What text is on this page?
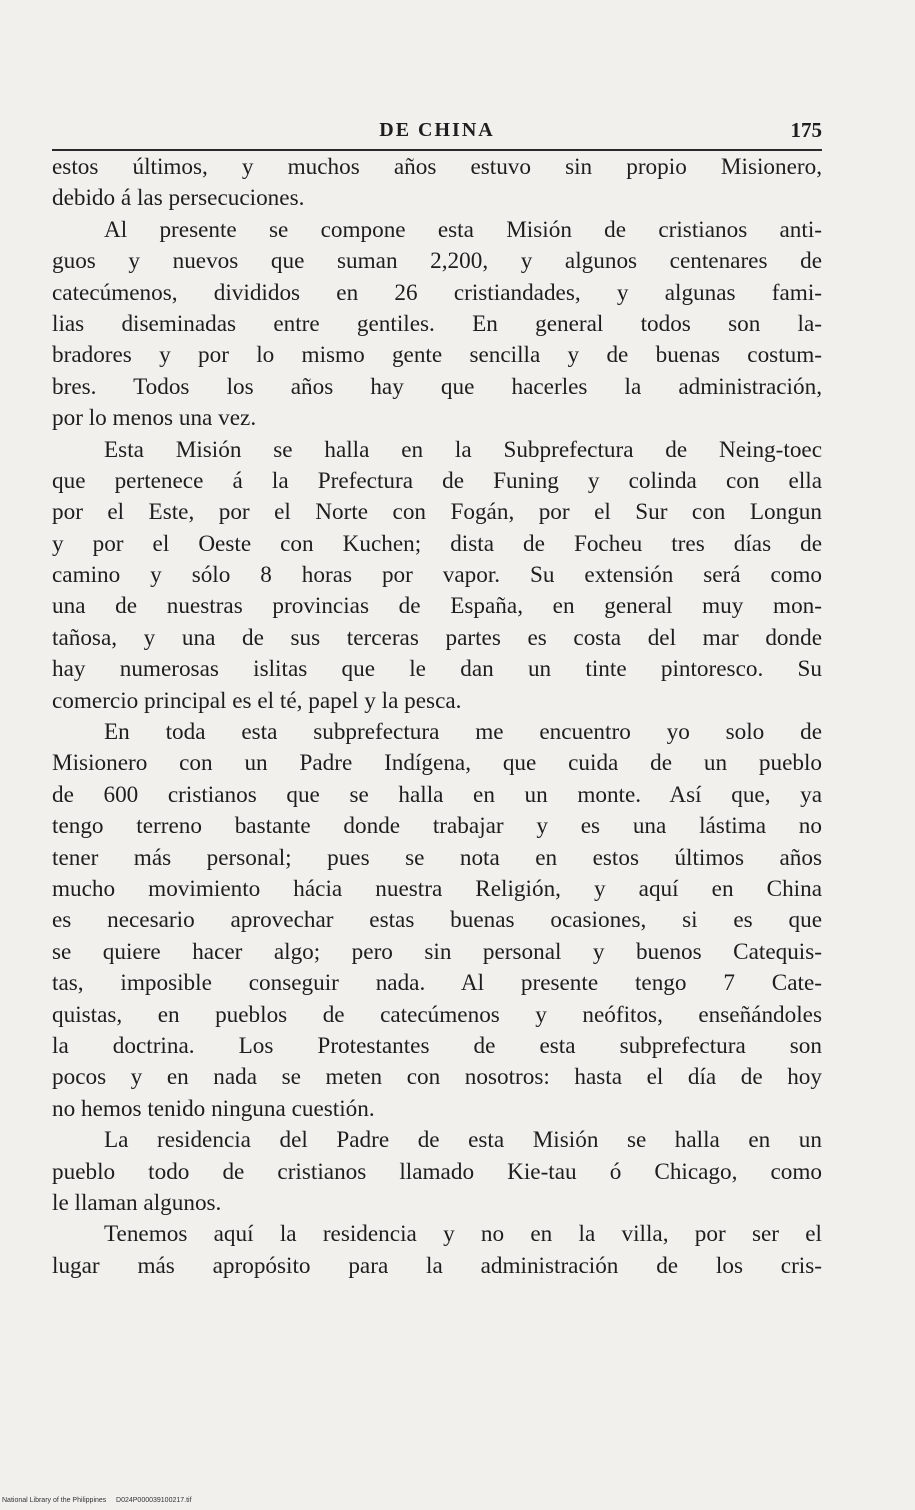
DE CHINA	175
estos últimos, y muchos años estuvo sin propio Misionero,
debido á las persecuciones.
Al presente se compone esta Misión de cristianos anti-
guos y nuevos que suman 2,200, y algunos centenares de
catecúmenos, divididos en 26 cristiandades, y algunas fami-
lias diseminadas entre gentiles. En general todos son la-
bradores y por lo mismo gente sencilla y de buenas costum-
bres. Todos los años hay que hacerles la administración,
por lo menos una vez.
Esta Misión se halla en la Subprefectura de Neing-toec
que pertenece á la Prefectura de Funing y colinda con ella
por el Este, por el Norte con Fogán, por el Sur con Longun
y por el Oeste con Kuchen; dista de Focheu tres días de
camino y sólo 8 horas por vapor. Su extensión será como
una de nuestras provincias de España, en general muy mon-
tañosa, y una de sus terceras partes es costa del mar donde
hay numerosas islitas que le dan un tinte pintoresco. Su
comercio principal es el té, papel y la pesca.
En toda esta subprefectura me encuentro yo solo de
Misionero con un Padre Indígena, que cuida de un pueblo
de 600 cristianos que se halla en un monte. Así que, ya
tengo terreno bastante donde trabajar y es una lástima no
tener más personal; pues se nota en estos últimos años
mucho movimiento hácia nuestra Religión, y aquí en China
es necesario aprovechar estas buenas ocasiones, si es que
se quiere hacer algo; pero sin personal y buenos Catequis-
tas, imposible conseguir nada. Al presente tengo 7 Cate-
quistas, en pueblos de catecúmenos y neófitos, enseñándoles
la doctrina. Los Protestantes de esta subprefectura son
pocos y en nada se meten con nosotros: hasta el día de hoy
no hemos tenido ninguna cuestión.
La residencia del Padre de esta Misión se halla en un
pueblo todo de cristianos llamado Kie-tau ó Chicago, como
le llaman algunos.
Tenemos aquí la residencia y no en la villa, por ser el
lugar más apropósito para la administración de los cris-
National Library of the Philippines D024P000039100217.tif
